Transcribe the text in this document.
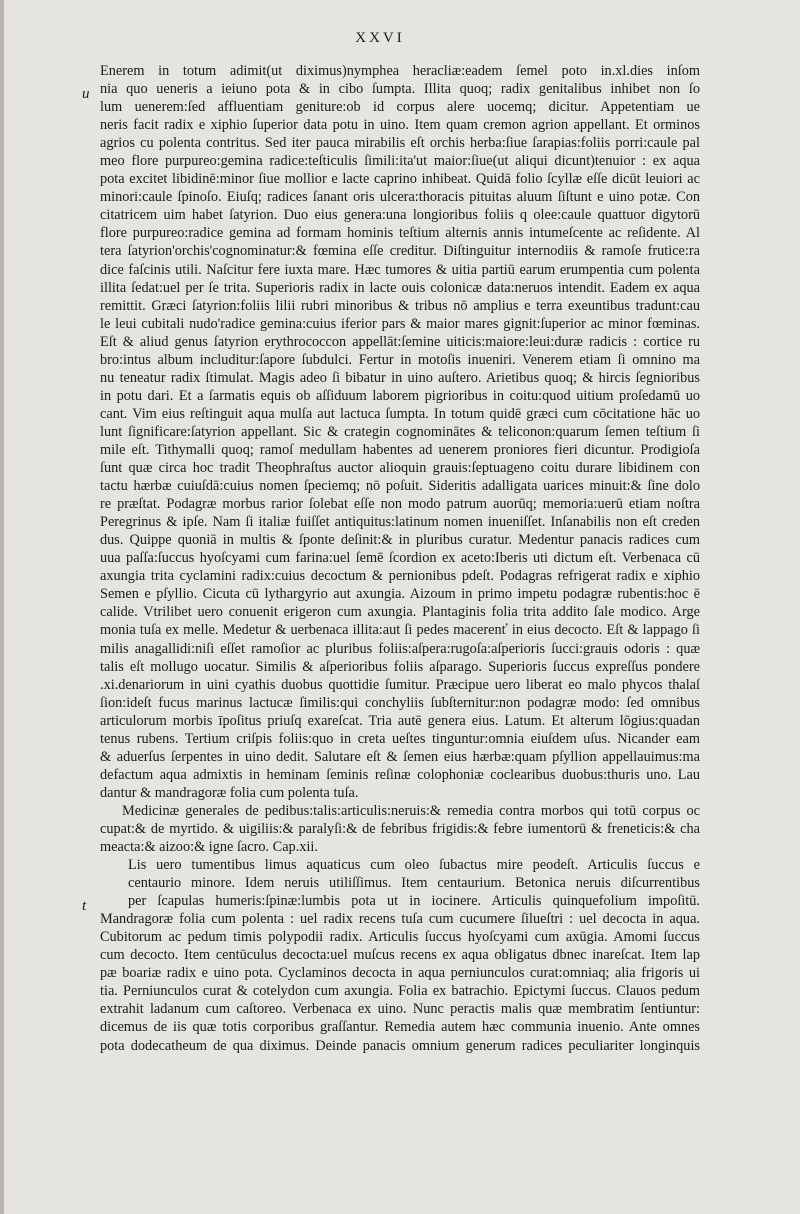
XXVI
u
t
Enerem in totum adimit(ut diximus)nymphea heracliæ:eadem ſemel poto in.xl.dies inſom
nia quo ueneris a ieiuno pota & in cibo ſumpta. Illita quoq; radix genitalibus inhibet non ſo
lum uenerem:ſed affluentiam geniture:ob id corpus alere uocemq; dicitur. Appetentiam ue
neris facit radix e xiphio ſuperior data potu in uino. Item quam cremon agrion appellant. Et orminos
agrios cu polenta contritus. Sed iter pauca mirabilis eſt orchis herba:ſiue ſarapias:foliis porri:caule pal
meo flore purpureo:gemina radice:teſticulis ſimili:ita'ut maior:ſiue(ut aliqui dicunt)tenuior : ex aqua
pota excitet libidinē:minor ſiue mollior e lacte caprino inhibeat. Quidā folio ſcyllæ eſſe dicūt leuiori ac
minori:caule ſpinoſo. Eiuſq; radices ſanant oris ulcera:thoracis pituitas aluum ſiſtunt e uino potæ. Con
citatricem uim habet ſatyrion. Duo eius genera:una longioribus foliis q olee:caule quattuor digytorū
flore purpureo:radice gemina ad formam hominis teſtium alternis annis intumeſcente ac reſidente. Al
tera ſatyrion'orchis'cognominatur:& fœmina eſſe creditur. Diſtinguitur internodiis & ramoſe frutice:ra
dice faſcinis utili. Naſcitur fere iuxta mare. Hæc tumores & uitia partiū earum erumpentia cum polenta
illita ſedat:uel per ſe trita. Superioris radix in lacte ouis colonicæ data:neruos intendit. Eadem ex aqua
remittit. Græci ſatyrion:foliis lilii rubri minoribus & tribus nō amplius e terra exeuntibus tradunt:cau
le leui cubitali nudo'radice gemina:cuius iferior pars & maior mares gignit:ſuperior ac minor fœminas.
Eſt & aliud genus ſatyrion erythrococcon appellāt:ſemine uiticis:maiore:leui:duræ radicis : cortice ru
bro:intus album includitur:ſapore ſubdulci. Fertur in motoſis inueniri. Venerem etiam ſi omnino ma
nu teneatur radix ſtimulat. Magis adeo ſi bibatur in uino auſtero. Arietibus quoq; & hircis ſegnioribus
in potu dari. Et a ſarmatis equis ob aſſiduum laborem pigrioribus in coitu:quod uitium proſedamū uo
cant. Vim eius reſtinguit aqua mulſa aut lactuca ſumpta. In totum quidē græci cum cōcitatione hāc uo
lunt ſignificare:ſatyrion appellant. Sic & crategin cognominātes & teliconon:quarum ſemen teſtium ſi
mile eſt. Tithymalli quoq; ramoſ medullam habentes ad uenerem proniores fieri dicuntur. Prodigioſa
ſunt quæ circa hoc tradit Theophraſtus auctor alioquin grauis:ſeptuageno coitu durare libidinem con
tactu hærbæ cuiuſdā:cuius nomen ſpeciemq; nō poſuit. Sideritis adalligata uarices minuit:& ſine dolo
re præſtat. Podagræ morbus rarior ſolebat eſſe non modo patrum auorūq; memoria:uerū etiam noſtra
Peregrinus & ipſe. Nam ſi italiæ fuiſſet antiquitus:latinum nomen inueniſſet. Inſanabilis non eſt creden
dus. Quippe quoniā in multis & ſponte deſinit:& in pluribus curatur. Medentur panacis radices cum
uua paſſa:ſuccus hyoſcyami cum farina:uel ſemē ſcordion ex aceto:Iberis uti dictum eſt. Verbenaca cū
axungia trita cyclamini radix:cuius decoctum & pernionibus pdeſt. Podagras refrigerat radix e xiphio
Semen e pſyllio. Cicuta cū lythargyrio aut axungia. Aizoum in primo impetu podagræ rubentis:hoc ē
calide. Vtrilibet uero conuenit erigeron cum axungia. Plantaginis folia trita addito ſale modico. Arge
monia tuſa ex melle. Medetur & uerbenaca illita:aut ſi pedes macerenť in eius decocto. Eſt & lappago ſi
milis anagallidi:niſi eſſet ramoſior ac pluribus foliis:aſpera:rugoſa:aſperioris ſucci:grauis odoris : quæ
talis eſt mollugo uocatur. Similis & aſperioribus foliis aſparago. Superioris ſuccus expreſſus pondere
.xi.denariorum in uini cyathis duobus quottidie ſumitur. Præcipue uero liberat eo malo phycos thalaſ
ſion:ideſt fucus marinus lactucæ ſimilis:qui conchyliis ſubſternitur:non podagræ modo: ſed omnibus
articulorum morbis īpoſitus priuſq exareſcat. Tria autē genera eius. Latum. Et alterum lōgius:quadan
tenus rubens. Tertium criſpis foliis:quo in creta ueſtes tinguntur:omnia eiuſdem uſus. Nicander eam
& aduerſus ſerpentes in uino dedit. Salutare eſt & ſemen eius hærbæ:quam pſyllion appellauimus:ma
defactum aqua admixtis in heminam ſeminis reſinæ colophoniæ coclearibus duobus:thuris uno. Lau
dantur & mandragoræ folia cum polenta tuſa.
Medicinæ generales de pedibus:talis:articulis:neruis:& remedia contra morbos qui totū corpus oc
cupat:& de myrtido. & uigiliis:& paralyſi:& de febribus frigidis:& febre iumentorū & freneticis:& cha
meacta:& aizoo:& igne ſacro. Cap.xii.
Lis uero tumentibus limus aquaticus cum oleo ſubactus mire peodeſt. Articulis ſuccus e
centaurio minore. Idem neruis utiliſſimus. Item centaurium. Betonica neruis diſcurrentibus
per ſcapulas humeris:ſpinæ:lumbis pota ut in iocinere. Articulis quinquefolium impoſitū.
Mandragoræ folia cum polenta : uel radix recens tuſa cum cucumere ſilueſtri : uel decocta in aqua.
Cubitorum ac pedum timis polypodii radix. Articulis ſuccus hyoſcyami cum axūgia. Amomi ſuccus
cum decocto. Item centūculus decocta:uel muſcus recens ex aqua obligatus dbnec inareſcat. Item lap
pæ boariæ radix e uino pota. Cyclaminos decocta in aqua perniunculos curat:omniaq; alia frigoris ui
tia. Perniunculos curat & cotelydon cum axungia. Folia ex batrachio. Epictymi ſuccus. Clauos pedum
extrahit ladanum cum caſtoreo. Verbenaca ex uino. Nunc peractis malis quæ membratim ſentiuntur:
dicemus de iis quæ totis corporibus graſſantur. Remedia autem hæc communia inuenio. Ante omnes
pota dodecatheum de qua diximus. Deinde panacis omnium generum radices peculiariter longinquis
